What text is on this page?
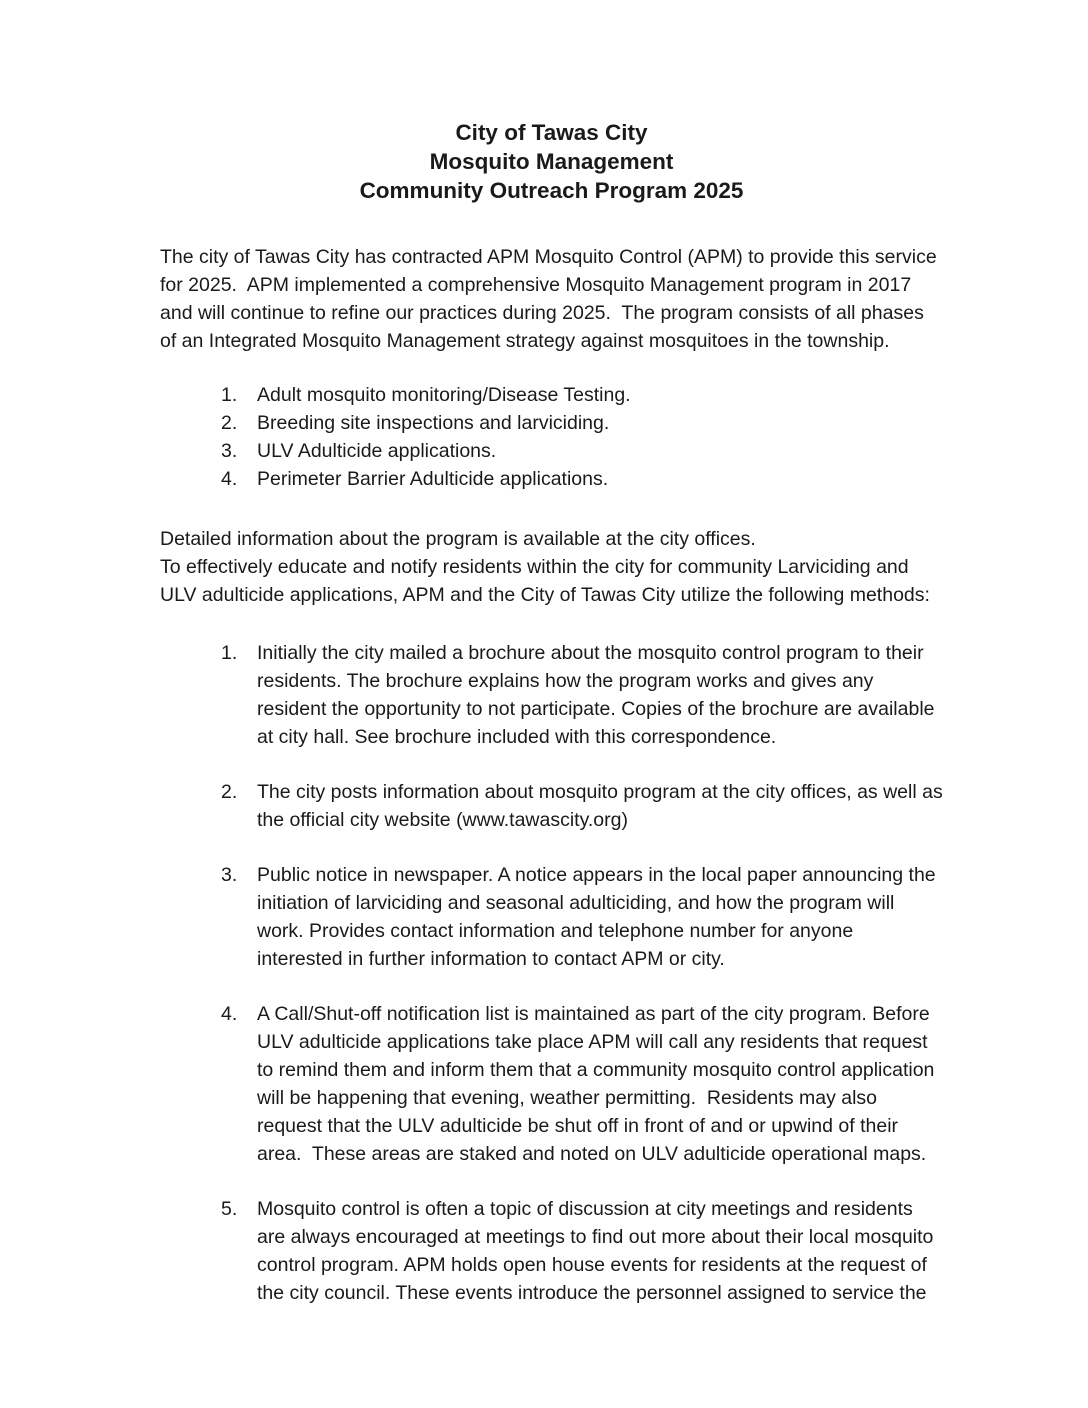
City of Tawas City
Mosquito Management
Community Outreach Program 2025

The city of Tawas City has contracted APM Mosquito Control (APM) to provide this service for 2025.  APM implemented a comprehensive Mosquito Management program in 2017 and will continue to refine our practices during 2025.  The program consists of all phases of an Integrated Mosquito Management strategy against mosquitoes in the township.

Adult mosquito monitoring/Disease Testing.
Breeding site inspections and larviciding.
ULV Adulticide applications.
Perimeter Barrier Adulticide applications.

Detailed information about the program is available at the city offices.

To effectively educate and notify residents within the city for community Larviciding and ULV adulticide applications, APM and the City of Tawas City utilize the following methods:

Initially the city mailed a brochure about the mosquito control program to their residents. The brochure explains how the program works and gives any resident the opportunity to not participate. Copies of the brochure are available at city hall. See brochure included with this correspondence.
The city posts information about mosquito program at the city offices, as well as the official city website (www.tawascity.org)
Public notice in newspaper. A notice appears in the local paper announcing the initiation of larviciding and seasonal adulticiding, and how the program will work. Provides contact information and telephone number for anyone interested in further information to contact APM or city.
A Call/Shut-off notification list is maintained as part of the city program. Before ULV adulticide applications take place APM will call any residents that request to remind them and inform them that a community mosquito control application will be happening that evening, weather permitting.  Residents may also request that the ULV adulticide be shut off in front of and or upwind of their area.  These areas are staked and noted on ULV adulticide operational maps.
Mosquito control is often a topic of discussion at city meetings and residents are always encouraged at meetings to find out more about their local mosquito control program. APM holds open house events for residents at the request of the city council. These events introduce the personnel assigned to service the
